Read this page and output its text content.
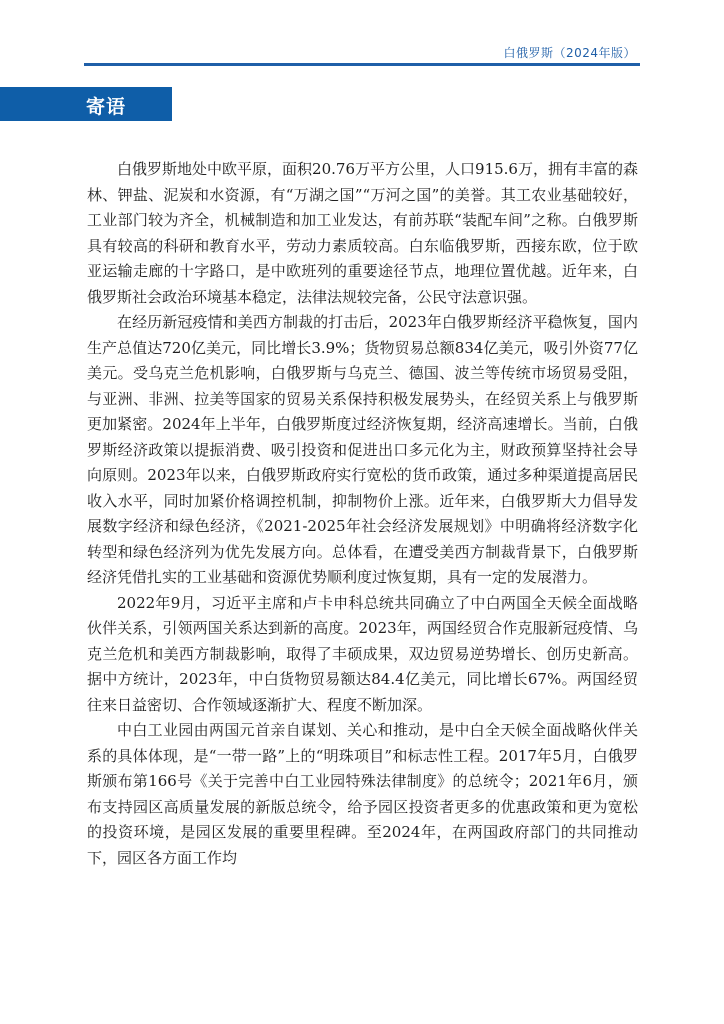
白俄罗斯（2024年版）
寄语

白俄罗斯地处中欧平原，面积20.76万平方公里，人口915.6万，拥有丰富的森林、钾盐、泥炭和水资源，有“万湖之国”“万河之国”的美誉。其工农业基础较好，工业部门较为齐全，机械制造和加工业发达，有前苏联“装配车间”之称。白俄罗斯具有较高的科研和教育水平，劳动力素质较高。白东临俄罗斯，西接东欧，位于欧亚运输走廊的十字路口，是中欧班列的重要途径节点，地理位置优越。近年来，白俄罗斯社会政治环境基本稳定，法律法规较完备，公民守法意识强。

在经历新冠疫情和美西方制裁的打击后，2023年白俄罗斯经济平稳恢复，国内生产总值达720亿美元，同比增长3.9%；货物贸易总额834亿美元，吸引外资77亿美元。受乌克兰危机影响，白俄罗斯与乌克兰、德国、波兰等传统市场贸易受阻，与亚洲、非洲、拉美等国家的贸易关系保持积极发展势头，在经贸关系上与俄罗斯更加紧密。2024年上半年，白俄罗斯度过经济恢复期，经济高速增长。当前，白俄罗斯经济政策以提振消费、吸引投资和促进出口多元化为主，财政预算坚持社会导向原则。2023年以来，白俄罗斯政府实行宽松的货币政策，通过多种渠道提高居民收入水平，同时加紧价格调控机制，抑制物价上涨。近年来，白俄罗斯大力倡导发展数字经济和绿色经济，《2021-2025年社会经济发展规划》中明确将经济数字化转型和绿色经济列为优先发展方向。总体看，在遭受美西方制裁背景下，白俄罗斯经济凭借扎实的工业基础和资源优势顺利度过恢复期，具有一定的发展潜力。

2022年9月，习近平主席和卢卡申科总统共同确立了中白两国全天候全面战略伙伴关系，引领两国关系达到新的高度。2023年，两国经贸合作克服新冠疫情、乌克兰危机和美西方制裁影响，取得了丰硕成果，双边贸易逆势增长、创历史新高。据中方统计，2023年，中白货物贸易额达84.4亿美元，同比增长67%。两国经贸往来日益密切、合作领域逐渐扩大、程度不断加深。

中白工业园由两国元首亲自谋划、关心和推动，是中白全天候全面战略伙伴关系的具体体现，是“一带一路”上的“明珠项目”和标志性工程。2017年5月，白俄罗斯颁布第166号《关于完善中白工业园特殊法律制度》的总统令；2021年6月，颁布支持园区高质量发展的新版总统令，给予园区投资者更多的优惠政策和更为宽松的投资环境，是园区发展的重要里程碑。至2024年，在两国政府部门的共同推动下，园区各方面工作均
